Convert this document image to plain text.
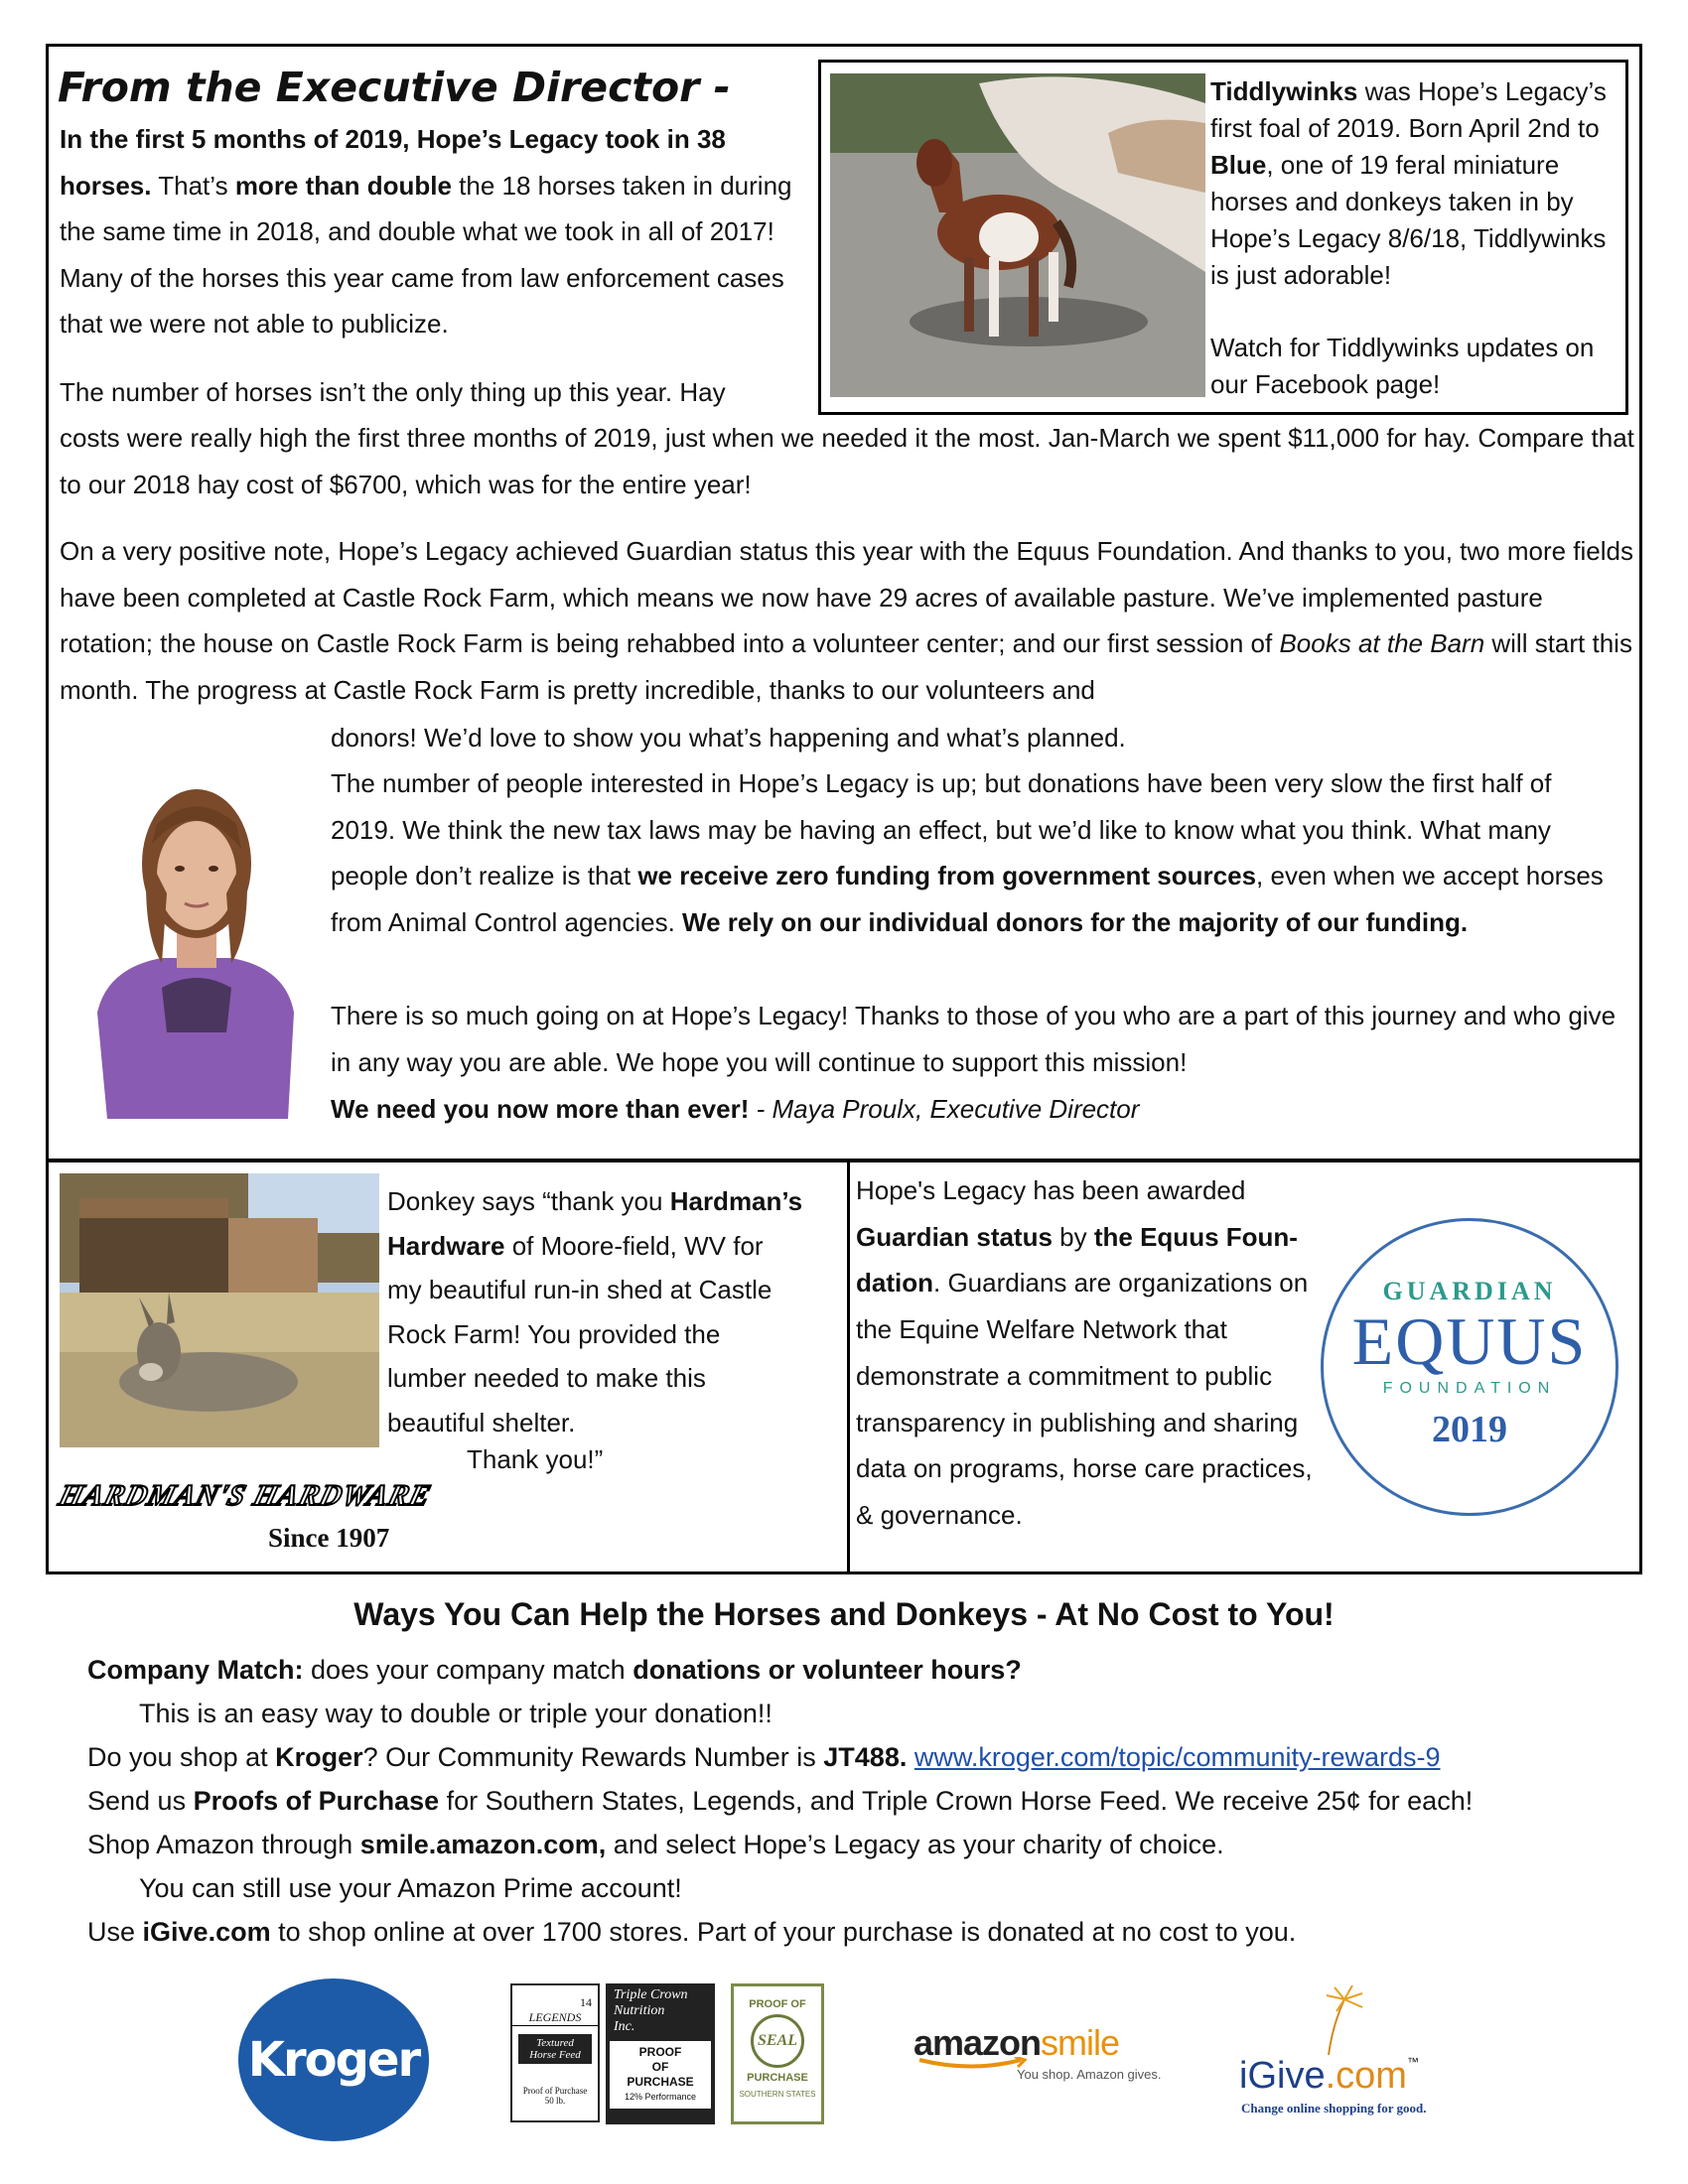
From the Executive Director -

In the first 5 months of 2019, Hope’s Legacy took in 38 horses. That’s more than double the 18 horses taken in during the same time in 2018, and double what we took in all of 2017! Many of the horses this year came from law enforcement cases that we were not able to publicize.

The number of horses isn’t the only thing up this year. Hay

costs were really high the first three months of 2019, just when we needed it the most. Jan-March we spent $11,000 for hay. Compare that to our 2018 hay cost of $6700, which was for the entire year!

On a very positive note, Hope’s Legacy achieved Guardian status this year with the Equus Foundation. And thanks to you, two more fields have been completed at Castle Rock Farm, which means we now have 29 acres of available pasture. We’ve implemented pasture rotation; the house on Castle Rock Farm is being rehabbed into a volunteer center; and our first session of Books at the Barn will start this month. The progress at Castle Rock Farm is pretty incredible, thanks to our volunteers and

donors! We’d love to show you what’s happening and what’s planned.

The number of people interested in Hope’s Legacy is up; but donations have been very slow the first half of 2019. We think the new tax laws may be having an effect, but we’d like to know what you think. What many people don’t realize is that we receive zero funding from government sources, even when we accept horses from Animal Control agencies. We rely on our individual donors for the majority of our funding.

There is so much going on at Hope’s Legacy! Thanks to those of you who are a part of this journey and who give in any way you are able. We hope you will continue to support this mission!

We need you now more than ever! - Maya Proulx, Executive Director

Tiddlywinks was Hope’s Legacy’s first foal of 2019. Born April 2nd to Blue, one of 19 feral miniature horses and donkeys taken in by Hope’s Legacy 8/6/18, Tiddlywinks is just adorable!

Watch for Tiddlywinks updates on our Facebook page!

Donkey says “thank you Hardman’s Hardware of Moore-field, WV for my beautiful run-in shed at Castle Rock Farm! You provided the lumber needed to make this beautiful shelter.

Thank you!”

HARDMAN'S HARDWARE
Since 1907

Hope's Legacy has been awarded Guardian status by the Equus Foun-dation. Guardians are organizations on the Equine Welfare Network that demonstrate a commitment to public transparency in publishing and sharing data on programs, horse care practices, & governance.

GUARDIAN
EQUUS
FOUNDATION
2019
Ways You Can Help the Horses and Donkeys - At No Cost to You!
Company Match: does your company match donations or volunteer hours?
This is an easy way to double or triple your donation!!
Do you shop at Kroger? Our Community Rewards Number is JT488. www.kroger.com/topic/community-rewards-9
Send us Proofs of Purchase for Southern States, Legends, and Triple Crown Horse Feed. We receive 25¢ for each!
Shop Amazon through smile.amazon.com, and select Hope’s Legacy as your charity of choice.
You can still use your Amazon Prime account!
Use iGive.com to shop online at over 1700 stores. Part of your purchase is donated at no cost to you.
Kroger
14
LEGENDS
Textured
Horse Feed
Proof of Purchase
50 lb.
Triple Crown
Nutrition
Inc.
PROOF
OF
PURCHASE
12% Performance
PROOF OF
SEAL
PURCHASE
SOUTHERN STATES
amazonsmile
You shop. Amazon gives. iGive.com™
Change online shopping for good.
